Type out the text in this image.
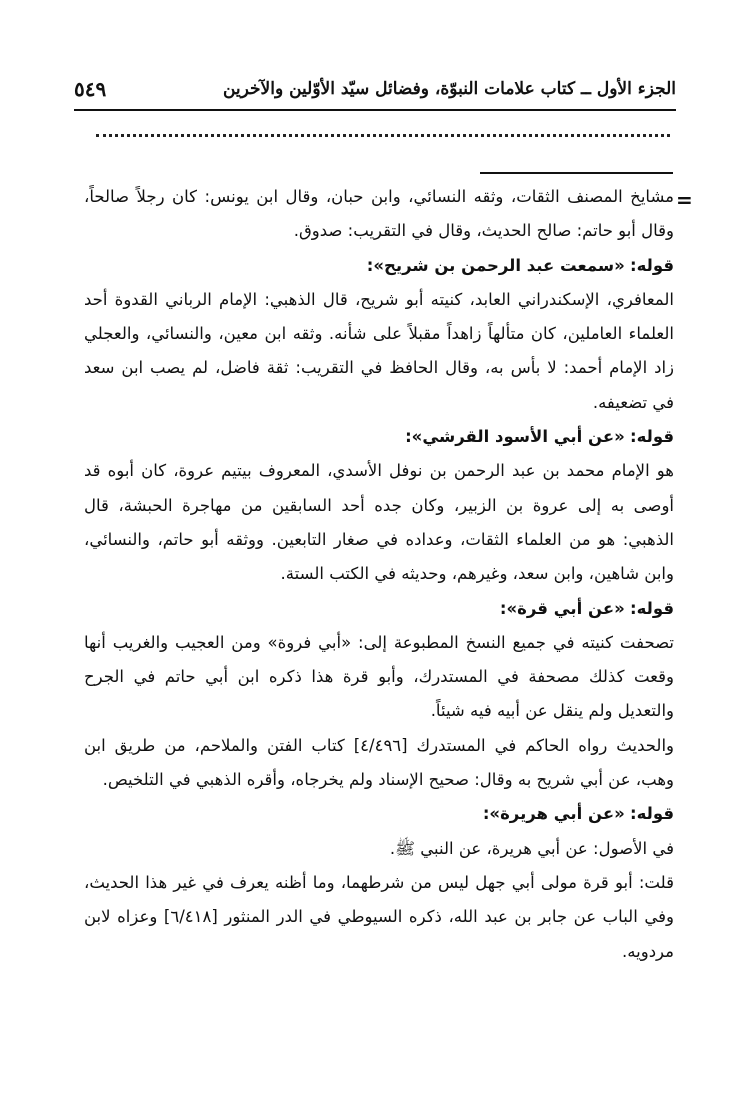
٥٤٩	الجزء الأول ــ كتاب علامات النبوّة، وفضائل سيّد الأوّلين والآخرين
=

مشايخ المصنف الثقات، وثقه النسائي، وابن حبان، وقال ابن يونس: كان رجلاً صالحاً، وقال أبو حاتم: صالح الحديث، وقال في التقريب: صدوق.

قوله: «سمعت عبد الرحمن بن شريح»:

المعافري، الإسكندراني العابد، كنيته أبو شريح، قال الذهبي: الإمام الرباني القدوة أحد العلماء العاملين، كان متألهاً زاهداً مقبلاً على شأنه. وثقه ابن معين، والنسائي، والعجلي زاد الإمام أحمد: لا بأس به، وقال الحافظ في التقريب: ثقة فاضل، لم يصب ابن سعد في تضعيفه.

قوله: «عن أبي الأسود القرشي»:

هو الإمام محمد بن عبد الرحمن بن نوفل الأسدي، المعروف بيتيم عروة، كان أبوه قد أوصى به إلى عروة بن الزبير، وكان جده أحد السابقين من مهاجرة الحبشة، قال الذهبي: هو من العلماء الثقات، وعداده في صغار التابعين. ووثقه أبو حاتم، والنسائي، وابن شاهين، وابن سعد، وغيرهم، وحديثه في الكتب الستة.

قوله: «عن أبي قرة»:

تصحفت كنيته في جميع النسخ المطبوعة إلى: «أبي فروة» ومن العجيب والغريب أنها وقعت كذلك مصحفة في المستدرك، وأبو قرة هذا ذكره ابن أبي حاتم في الجرح والتعديل ولم ينقل عن أبيه فيه شيئاً.

والحديث رواه الحاكم في المستدرك [٤/٤٩٦] كتاب الفتن والملاحم، من طريق ابن وهب، عن أبي شريح به وقال: صحيح الإسناد ولم يخرجاه، وأقره الذهبي في التلخيص.

قوله: «عن أبي هريرة»:

في الأصول: عن أبي هريرة، عن النبي ﷺ.

قلت: أبو قرة مولى أبي جهل ليس من شرطهما، وما أظنه يعرف في غير هذا الحديث، وفي الباب عن جابر بن عبد الله، ذكره السيوطي في الدر المنثور [٦/٤١٨] وعزاه لابن مردويه.
